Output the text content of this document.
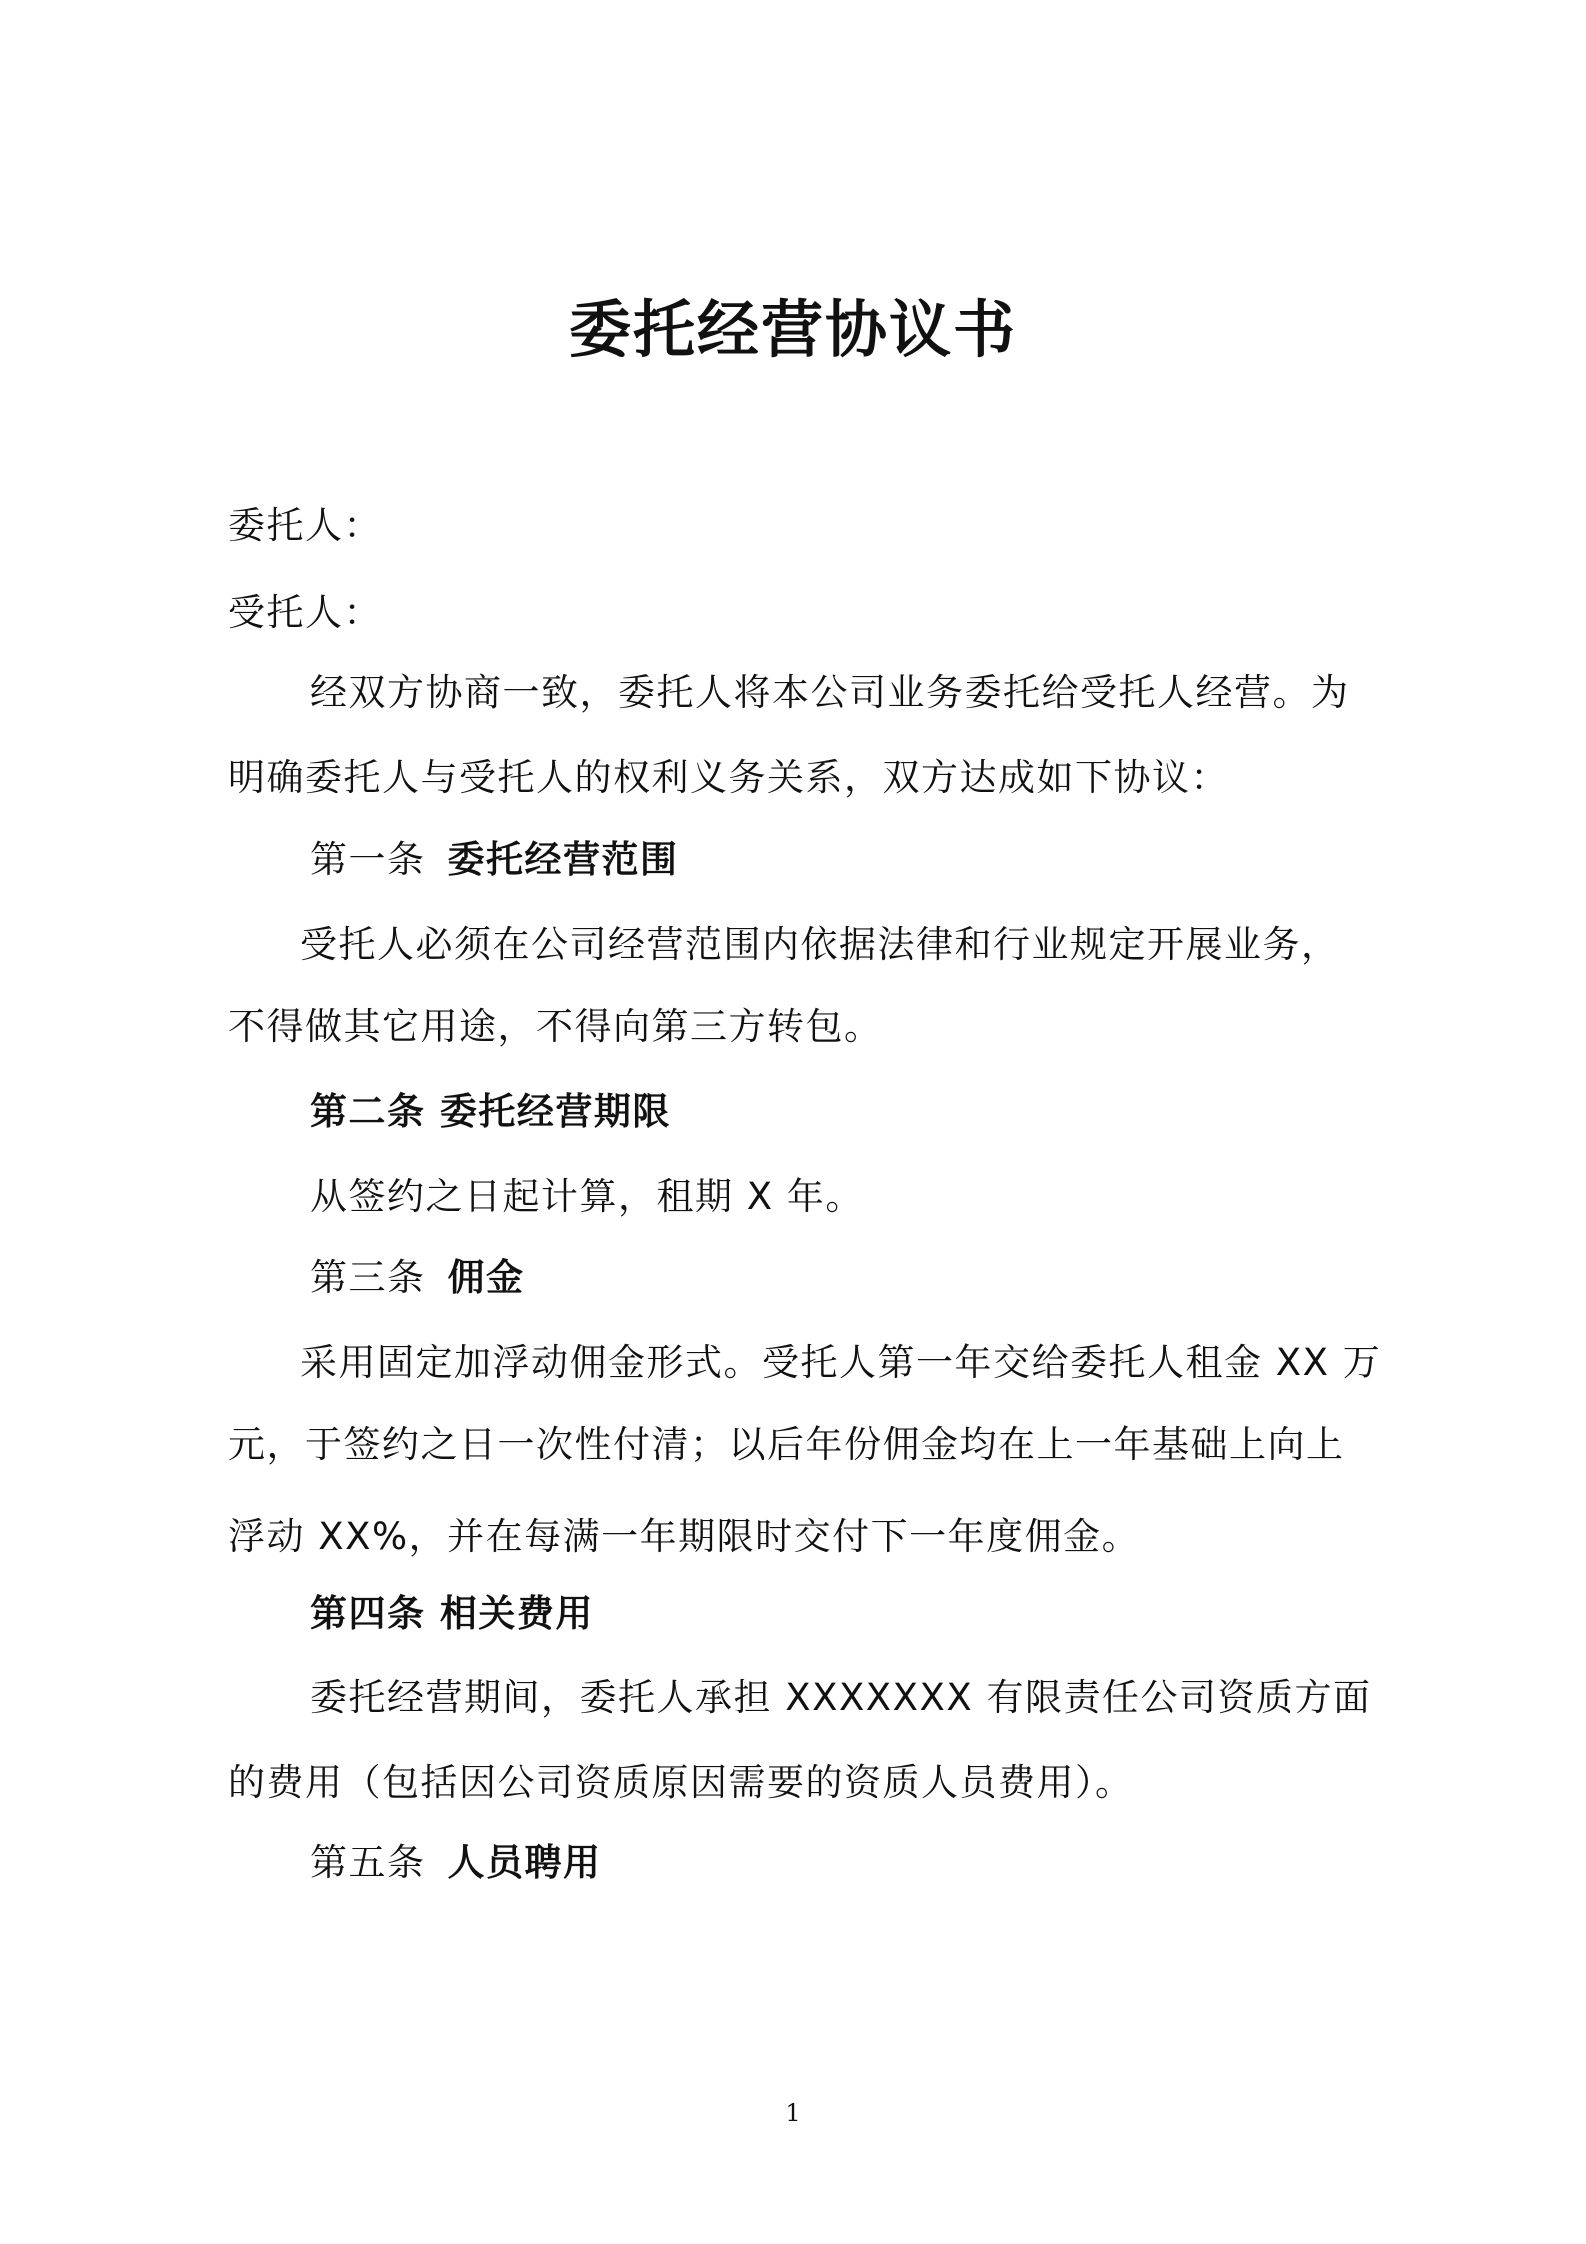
委托经营协议书
委托人：
受托人：
经双方协商一致，委托人将本公司业务委托给受托人经营。为
明确委托人与受托人的权利义务关系，双方达成如下协议：
第一条 委托经营范围
受托人必须在公司经营范围内依据法律和行业规定开展业务，
不得做其它用途，不得向第三方转包。
第二条 委托经营期限
从签约之日起计算，租期 X 年。
第三条 佣金
采用固定加浮动佣金形式。受托人第一年交给委托人租金 XX 万
元，于签约之日一次性付清；以后年份佣金均在上一年基础上向上
浮动 XX%，并在每满一年期限时交付下一年度佣金。
第四条 相关费用
委托经营期间，委托人承担 XXXXXXX 有限责任公司资质方面
的费用（包括因公司资质原因需要的资质人员费用）。
第五条 人员聘用
1
